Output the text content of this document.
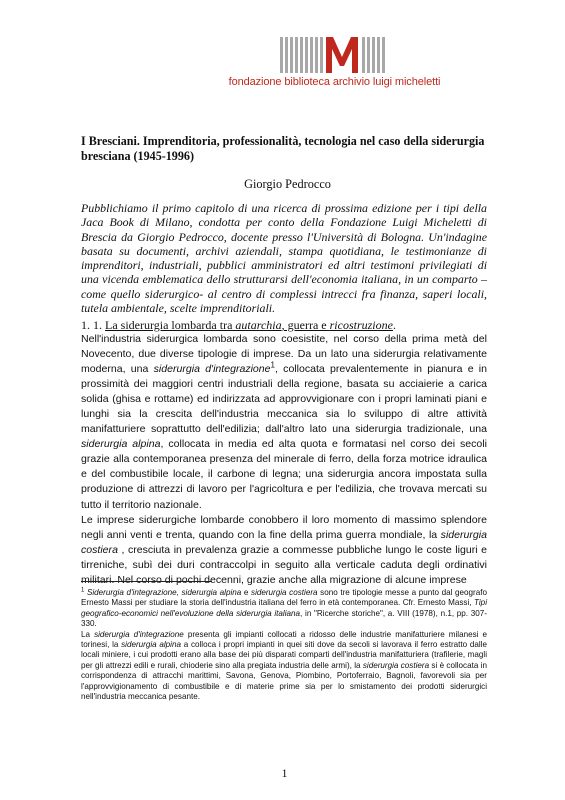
fondazione biblioteca archivio luigi micheletti
I Bresciani. Imprenditoria, professionalità, tecnologia nel caso della siderurgia bresciana (1945-1996)
Giorgio Pedrocco
Pubblichiamo il primo capitolo di una ricerca di prossima edizione per i tipi della Jaca Book di Milano, condotta per conto della Fondazione Luigi Micheletti di Brescia da Giorgio Pedrocco, docente presso l'Università di Bologna. Un'indagine basata su documenti, archivi aziendali, stampa quotidiana, le testimonianze di imprenditori, industriali, pubblici amministratori ed altri testimoni privilegiati di una vicenda emblematica dello strutturarsi dell'economia italiana, in un comparto –come quello siderurgico- al centro di complessi intrecci fra finanza, saperi locali, tutela ambientale, scelte imprenditoriali.

1. 1. La siderurgia lombarda tra autarchia, guerra e ricostruzione.

Nell'industria siderurgica lombarda sono coesistite, nel corso della prima metà del Novecento, due diverse tipologie di imprese. Da un lato una siderurgia relativamente moderna, una siderurgia d'integrazione$^1$, collocata prevalentemente in pianura e in prossimità dei maggiori centri industriali della regione, basata su acciaierie a carica solida (ghisa e rottame) ed indirizzata ad approvvigionare con i propri laminati piani e lunghi sia la crescita dell'industria meccanica sia lo sviluppo di altre attività manifatturiere soprattutto dell'edilizia; dall'altro lato una siderurgia tradizionale, una siderurgia alpina, collocata in media ed alta quota e formatasi nel corso dei secoli grazie alla contemporanea presenza del minerale di ferro, della forza motrice idraulica e del combustibile locale, il carbone di legna; una siderurgia ancora impostata sulla produzione di attrezzi di lavoro per l'agricoltura e per l'edilizia, che trovava mercati su tutto il territorio nazionale.

Le imprese siderurgiche lombarde conobbero il loro momento di massimo splendore negli anni venti e trenta, quando con la fine della prima guerra mondiale, la siderurgia costiera , cresciuta in prevalenza grazie a commesse pubbliche lungo le coste liguri e tirreniche, subì dei duri contraccolpi in seguito alla verticale caduta degli ordinativi militari. Nel corso di pochi decenni, grazie anche alla migrazione di alcune imprese

$^1$ Siderurgia d'integrazione, siderurgia alpina e siderurgia costiera sono tre tipologie messe a punto dal geografo Ernesto Massi per studiare la storia dell'industria italiana del ferro in età contemporanea. Cfr. Ernesto Massi, Tipi geografico-economici nell'evoluzione della siderurgia italiana, in "Ricerche storiche", a. VIII (1978), n.1, pp. 307-330.

La siderurgia d'integrazione presenta gli impianti collocati a ridosso delle industrie manifatturiere milanesi e torinesi, la siderurgia alpina a colloca i propri impianti in quei siti dove da secoli si lavorava il ferro estratto dalle locali miniere, i cui prodotti erano alla base dei più disparati comparti dell'industria manifatturiera (trafilerie, magli per gli attrezzi edili e rurali, chioderie sino alla pregiata industria delle armi), la siderurgia costiera si è collocata in corrispondenza di attracchi marittimi, Savona, Genova, Piombino, Portoferraio, Bagnoli, favorevoli sia per l'approvvigionamento di combustibile e di materie prime sia per lo smistamento dei prodotti siderurgici nell'industria meccanica pesante.

1
